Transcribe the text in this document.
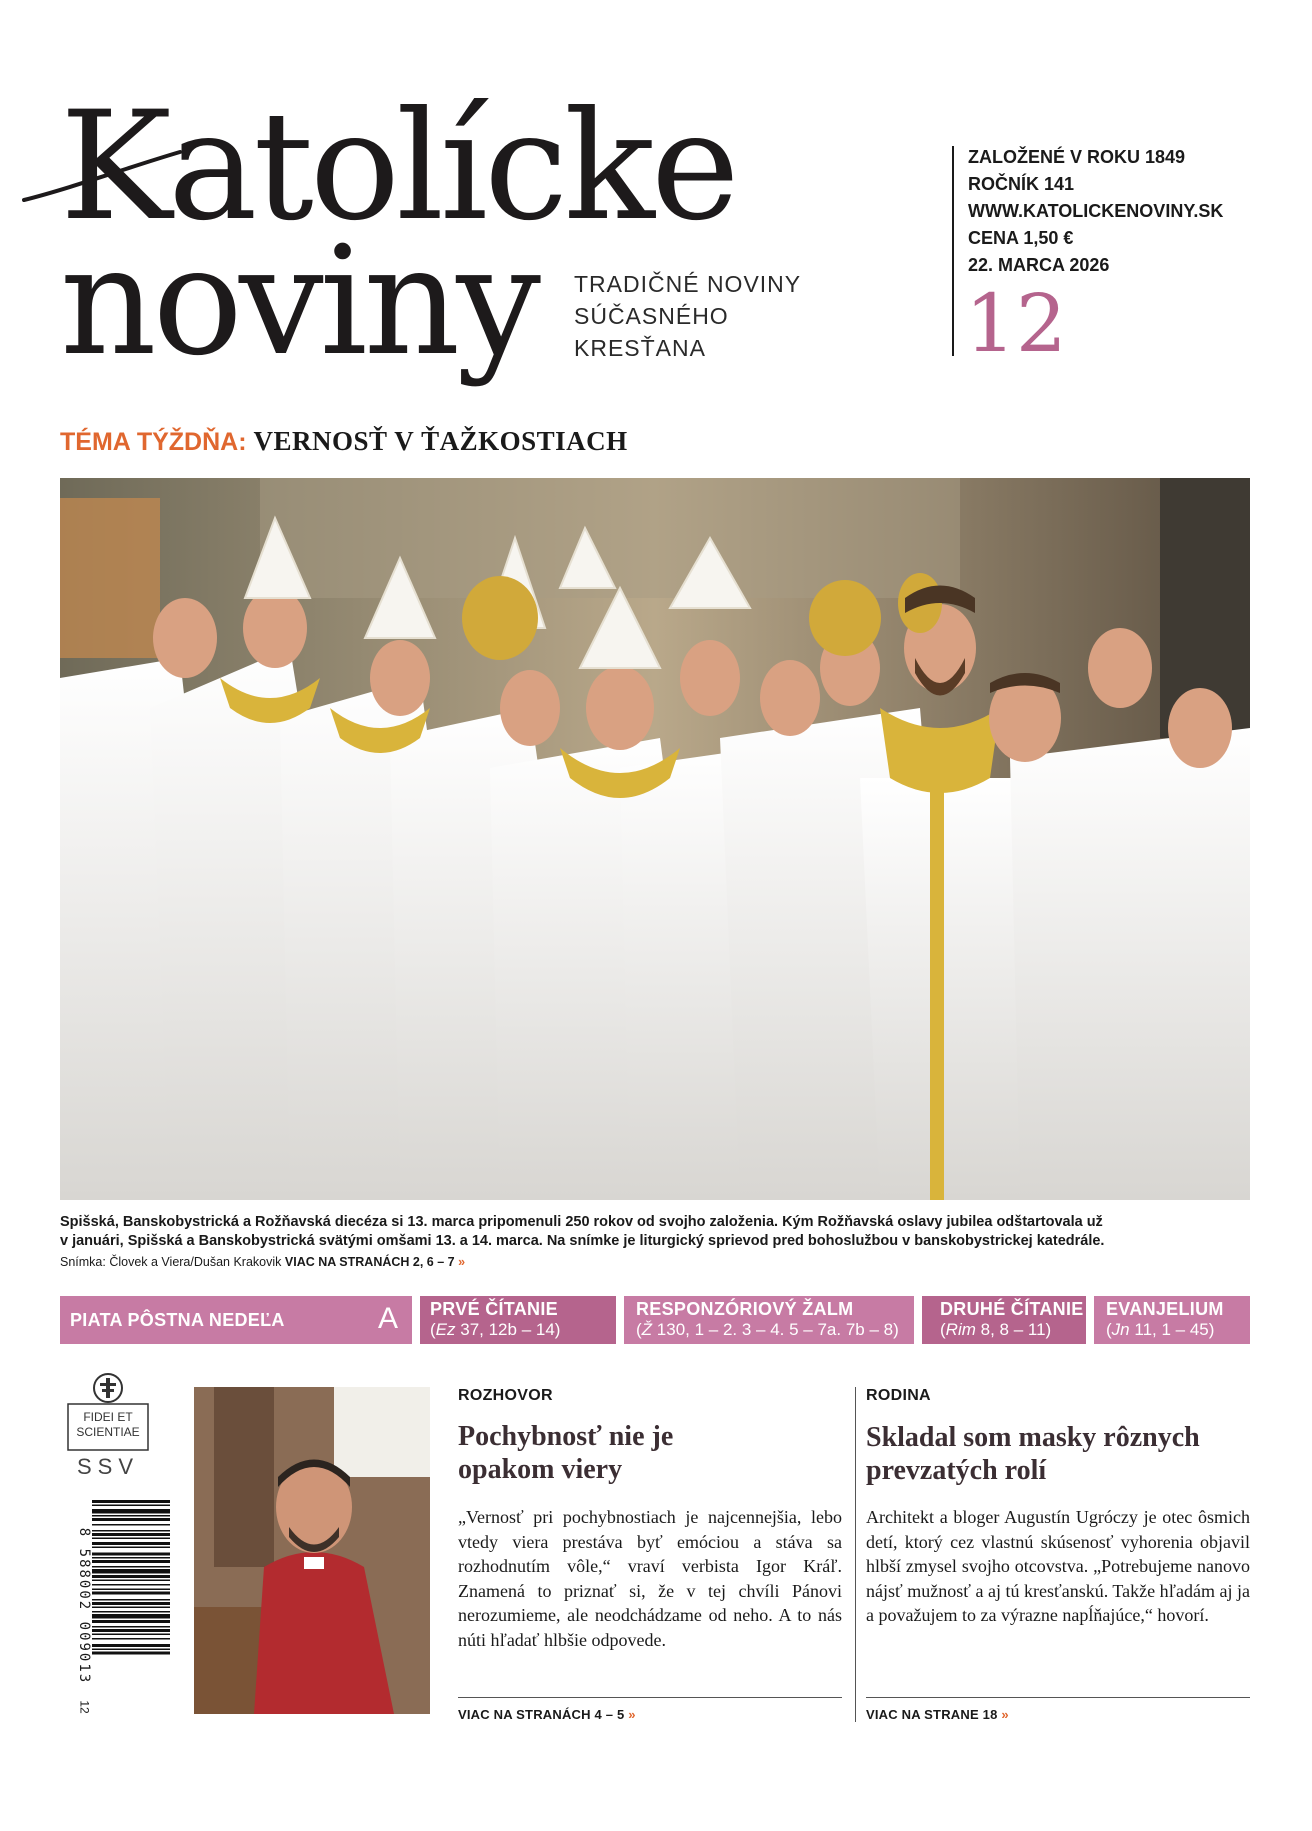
Katolícke
noviny	TRADIČNÉ NOVINY
SÚČASNÉHO
KRESŤANA
ZALOŽENÉ V ROKU 1849
ROČNÍK 141
WWW.KATOLICKENOVINY.SK
CENA 1,50 €
22. MARCA 2026
12
TÉMA TÝŽDŇA: VERNOSŤ V ŤAŽKOSTIACH
Spišská, Banskobystrická a Rožňavská diecéza si 13. marca pripomenuli 250 rokov od svojho založenia. Kým Rožňavská oslavy jubilea odštartovala už
v januári, Spišská a Banskobystrická svätými omšami 13. a 14. marca. Na snímke je liturgický sprievod pred bohoslužbou v banskobystrickej katedrále.
Snímka: Človek a Viera/Dušan Krakovik VIAC NA STRANÁCH 2, 6 – 7 »
PIATA PÔSTNA NEDEĽA	A PRVÉ ČÍTANIE
(Ez 37, 12b – 14)
RESPONZÓRIOVÝ ŽALM
(Ž 130, 1 – 2. 3 – 4. 5 – 7a. 7b – 8)
DRUHÉ ČÍTANIE
(Rim 8, 8 – 11)
EVANJELIUM
(Jn 11, 1 – 45)
FIDEI ET
SCIENTIAE
SSV
8 588002 009013
12
ROZHOVOR
Pochybnosť nie je opakom viery
„Vernosť pri pochybnostiach je najcennejšia, lebo vtedy viera prestáva byť emóciou a stáva sa rozhodnutím vôle,“ vraví verbista Igor Kráľ. Znamená to priznať si, že v tej chvíli Pánovi nerozumieme, ale neodchádzame od neho. A to nás núti hľadať hlbšie odpovede.
VIAC NA STRANÁCH 4 – 5 »
RODINA
Skladal som masky rôznych prevzatých rolí
Architekt a bloger Augustín Ugróczy je otec ôsmich detí, ktorý cez vlastnú skúsenosť vyhorenia objavil hlbší zmysel svojho otcovstva. „Potrebujeme nanovo nájsť mužnosť a aj tú kresťanskú. Takže hľadám aj ja a považujem to za výrazne napĺňajúce,“ hovorí.
VIAC NA STRANE 18 »
